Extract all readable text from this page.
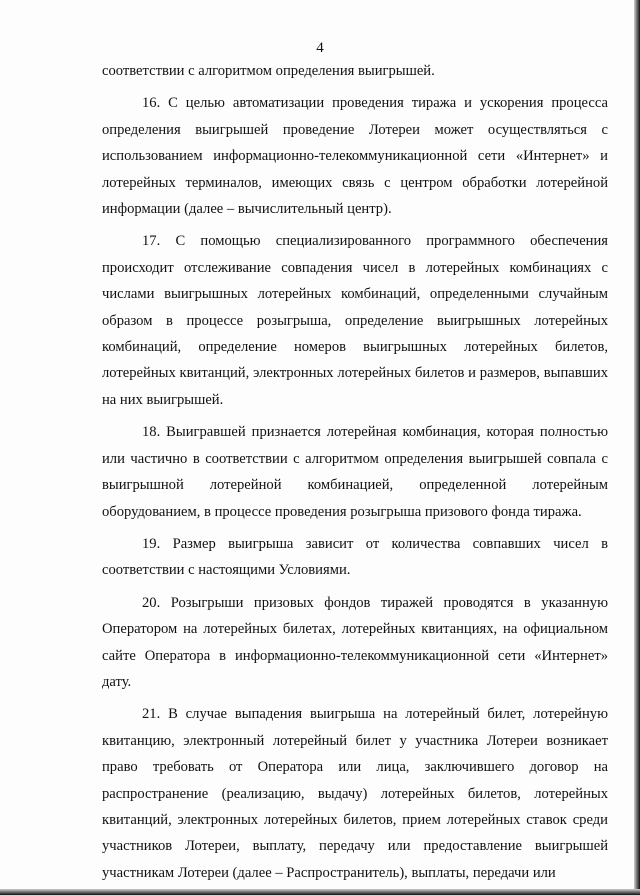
4

соответствии с алгоритмом определения выигрышей.

16. С целью автоматизации проведения тиража и ускорения процесса определения выигрышей проведение Лотереи может осуществляться с использованием информационно-телекоммуникационной сети «Интернет» и лотерейных терминалов, имеющих связь с центром обработки лотерейной информации (далее – вычислительный центр).

17. С помощью специализированного программного обеспечения происходит отслеживание совпадения чисел в лотерейных комбинациях с числами выигрышных лотерейных комбинаций, определенными случайным образом в процессе розыгрыша, определение выигрышных лотерейных комбинаций, определение номеров выигрышных лотерейных билетов, лотерейных квитанций, электронных лотерейных билетов и размеров, выпавших на них выигрышей.

18. Выигравшей признается лотерейная комбинация, которая полностью или частично в соответствии с алгоритмом определения выигрышей совпала с выигрышной лотерейной комбинацией, определенной лотерейным оборудованием, в процессе проведения розыгрыша призового фонда тиража.

19. Размер выигрыша зависит от количества совпавших чисел в соответствии с настоящими Условиями.

20. Розыгрыши призовых фондов тиражей проводятся в указанную Оператором на лотерейных билетах, лотерейных квитанциях, на официальном сайте Оператора в информационно-телекоммуникационной сети «Интернет» дату.

21. В случае выпадения выигрыша на лотерейный билет, лотерейную квитанцию, электронный лотерейный билет у участника Лотереи возникает право требовать от Оператора или лица, заключившего договор на распространение (реализацию, выдачу) лотерейных билетов, лотерейных квитанций, электронных лотерейных билетов, прием лотерейных ставок среди участников Лотереи, выплату, передачу или предоставление выигрышей участникам Лотереи (далее – Распространитель), выплаты, передачи или
